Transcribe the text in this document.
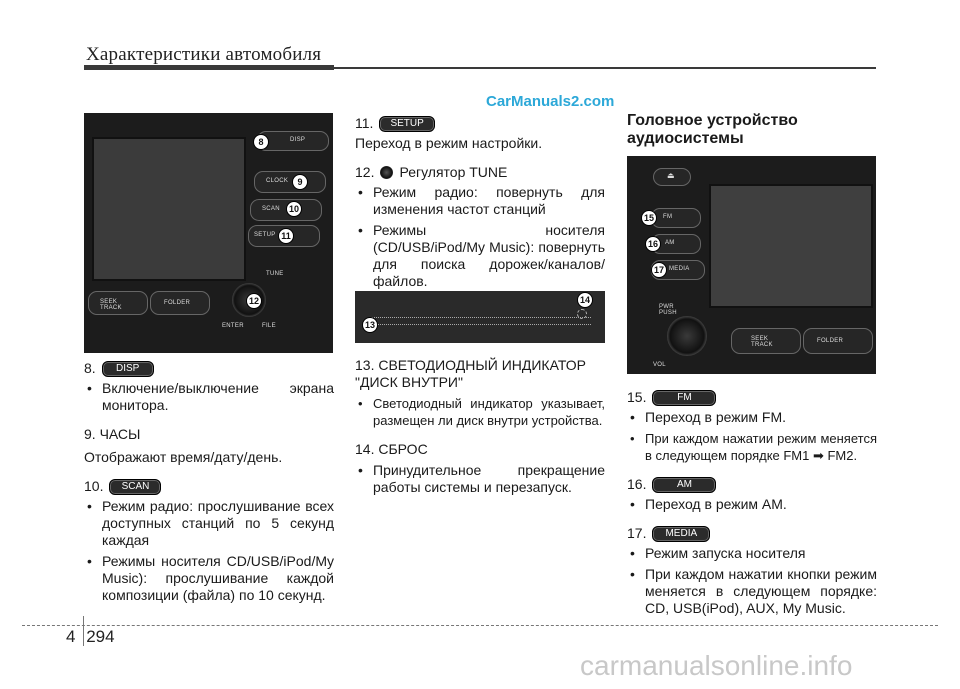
Характеристики автомобиля
CarManuals2.com
DISP
CLOCK
SCAN
SETUP
TUNE
SEEK TRACK
FOLDER
ENTER	FILE
8
9
10
11
12
8.	DISP

• Включение/выключение экрана монитора.

9. ЧАСЫ

Отображают время/дату/день.

10.	SCAN

• Режим радио: прослушивание всех доступных станций по 5 секунд каждая

• Режимы носителя CD/USB/iPod/My Music): прослушивание каждой композиции (файла) по 10 секунд.

11.	SETUP

Переход в режим настройки.

12. Регулятор TUNE

• Режим радио: повернуть для изменения частот станций

• Режимы носителя (CD/USB/iPod/My Music): повернуть для поиска дорожек/каналов/файлов.

14
13

13. СВЕТОДИОДНЫЙ ИНДИКАТОР "ДИСК ВНУТРИ"

• Светодиодный индикатор указывает, размещен ли диск внутри устройства.

14. СБРОС

• Принудительное прекращение работы системы и перезапуск.

Головное устройство аудиосистемы
⏏
FM
AM
MEDIA
PWR
PUSH
VOL
SEEK TRACK
FOLDER
15
16
17
15.	FM

• Переход в режим FM.

• При каждом нажатии режим меняется в следующем порядке FM1 ➡ FM2.

16.	AM

• Переход в режим AM.

17.	MEDIA

• Режим запуска носителя

• При каждом нажатии кнопки режим меняется в следующем порядке: CD, USB(iPod), AUX, My Music.

4 294
carmanualsonline.info
